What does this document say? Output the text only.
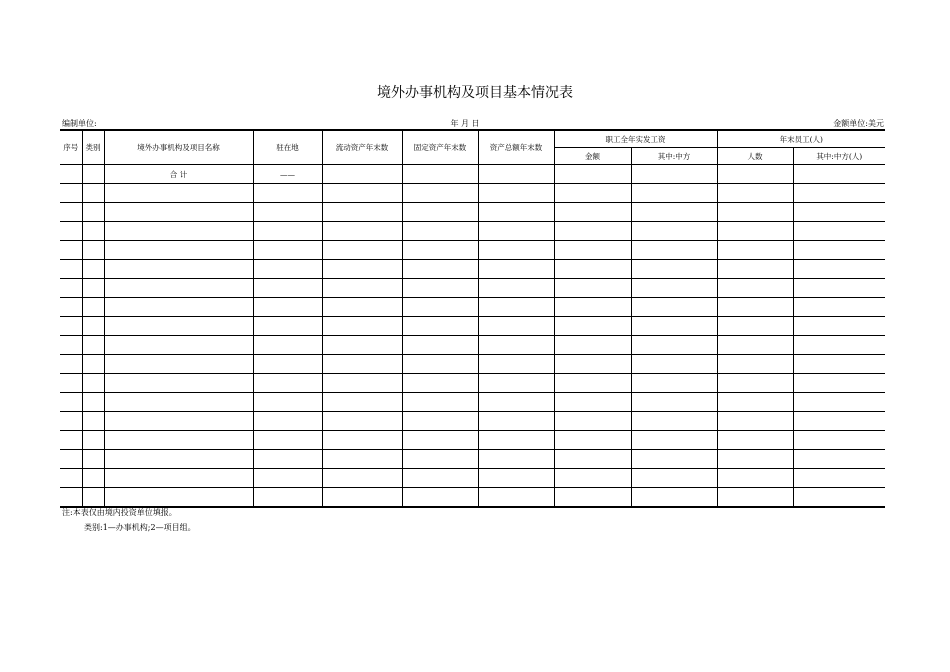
境外办事机构及项目基本情况表
编制单位:	年 月 日	金额单位:美元
序号	类别	境外办事机构及项目名称	驻在地	流动资产年末数	固定资产年末数	资产总额年末数	职工全年实发工资		年末员工(人)	
							金额	其中:中方	人数	其中:中方(人)
		合 计	——							

注:本表仅由境内投资单位填报。
类别:1—办事机构;2—项目组。
